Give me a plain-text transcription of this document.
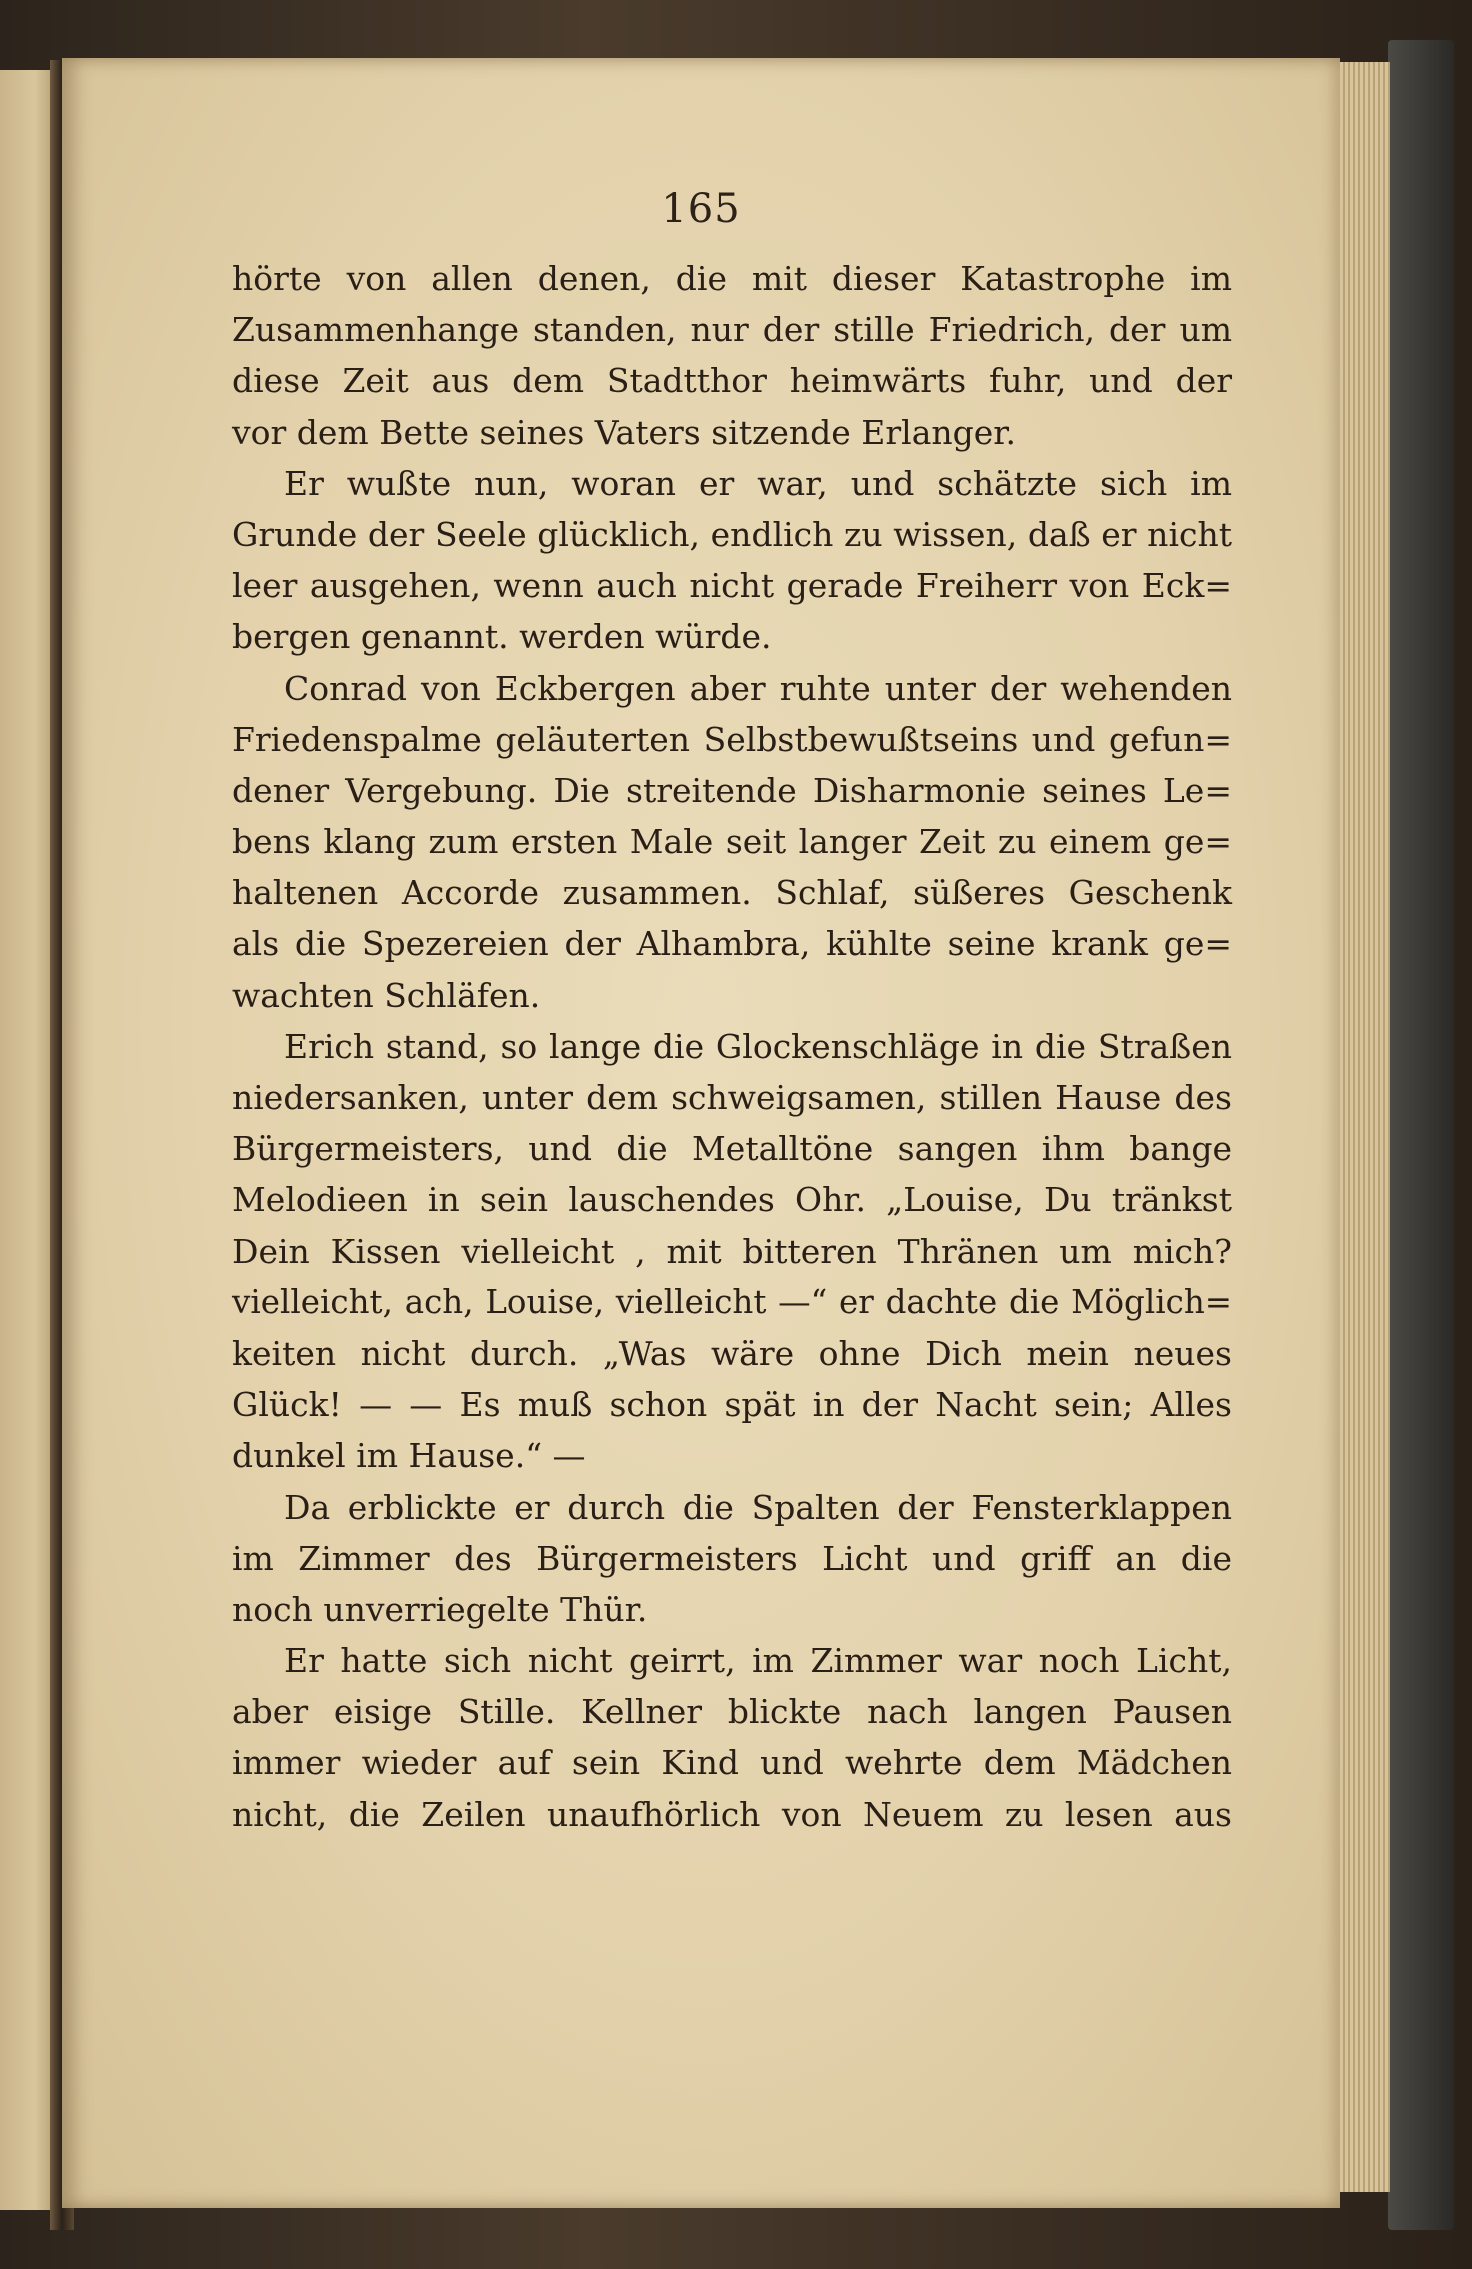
165
hörte von allen denen, die mit dieser Katastrophe im
Zusammenhange standen, nur der stille Friedrich, der um
diese Zeit aus dem Stadtthor heimwärts fuhr, und der
vor dem Bette seines Vaters sitzende Erlanger.
Er wußte nun, woran er war, und schätzte sich im
Grunde der Seele glücklich, endlich zu wissen, daß er nicht
leer ausgehen, wenn auch nicht gerade Freiherr von Eck=
bergen genannt. werden würde.
Conrad von Eckbergen aber ruhte unter der wehenden
Friedenspalme geläuterten Selbstbewußtseins und gefun=
dener Vergebung. Die streitende Disharmonie seines Le=
bens klang zum ersten Male seit langer Zeit zu einem ge=
haltenen Accorde zusammen. Schlaf, süßeres Geschenk
als die Spezereien der Alhambra, kühlte seine krank ge=
wachten Schläfen.
Erich stand, so lange die Glockenschläge in die Straßen
niedersanken, unter dem schweigsamen, stillen Hause des
Bürgermeisters, und die Metalltöne sangen ihm bange
Melodieen in sein lauschendes Ohr. „Louise, Du tränkst
Dein Kissen vielleicht , mit bitteren Thränen um mich?
vielleicht, ach, Louise, vielleicht —“ er dachte die Möglich=
keiten nicht durch. „Was wäre ohne Dich mein neues
Glück! — — Es muß schon spät in der Nacht sein; Alles
dunkel im Hause.“ —
Da erblickte er durch die Spalten der Fensterklappen
im Zimmer des Bürgermeisters Licht und griff an die
noch unverriegelte Thür.
Er hatte sich nicht geirrt, im Zimmer war noch Licht,
aber eisige Stille. Kellner blickte nach langen Pausen
immer wieder auf sein Kind und wehrte dem Mädchen
nicht, die Zeilen unaufhörlich von Neuem zu lesen aus
